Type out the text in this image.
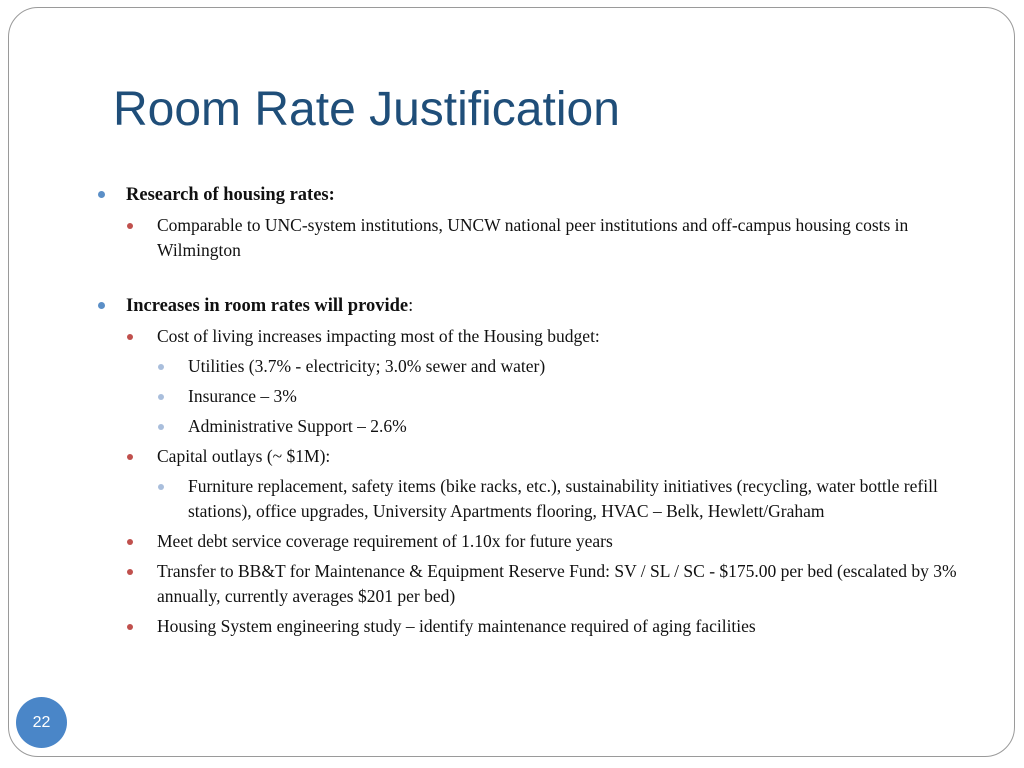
Room Rate Justification
Research of housing rates:
Comparable to UNC-system institutions, UNCW national peer institutions and off-campus housing costs in Wilmington
Increases in room rates will provide:
Cost of living increases impacting most of the Housing budget:
Utilities (3.7% - electricity; 3.0% sewer and water)
Insurance – 3%
Administrative Support – 2.6%
Capital outlays (~ $1M):
Furniture replacement, safety items (bike racks, etc.), sustainability initiatives (recycling, water bottle refill stations), office upgrades, University Apartments flooring, HVAC – Belk, Hewlett/Graham
Meet debt service coverage requirement of 1.10x for future years
Transfer to BB&T for Maintenance & Equipment Reserve Fund: SV / SL / SC - $175.00 per bed (escalated by 3% annually, currently averages $201 per bed)
Housing System engineering study – identify maintenance required of aging facilities
22
